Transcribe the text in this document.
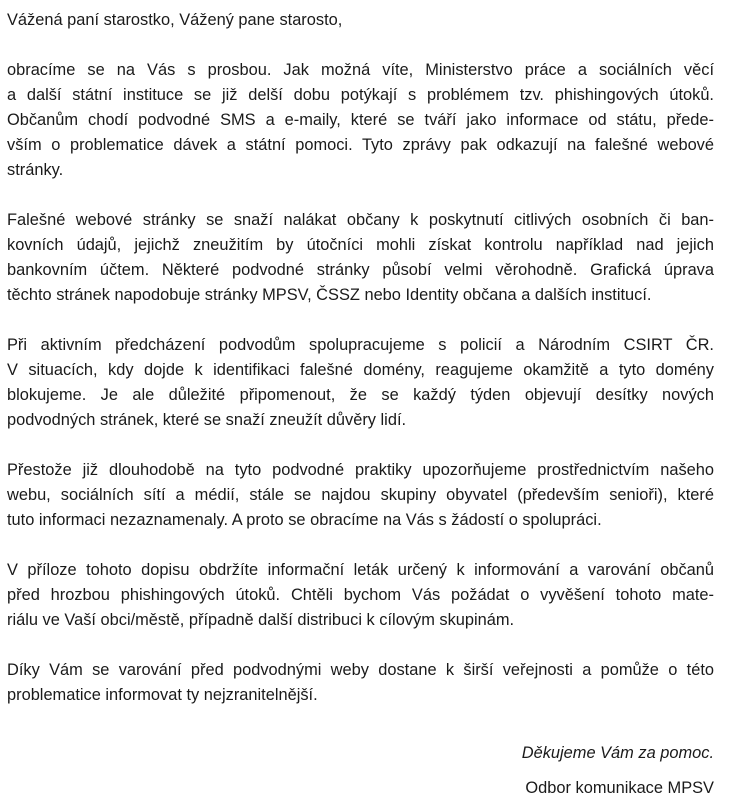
Vážená paní starostko, Vážený pane starosto,
obracíme se na Vás s prosbou. Jak možná víte, Ministerstvo práce a sociálních věcí
a další státní instituce se již delší dobu potýkají s problémem tzv. phishingových útoků.
Občanům chodí podvodné SMS a e-maily, které se tváří jako informace od státu, přede-
vším o problematice dávek a státní pomoci. Tyto zprávy pak odkazují na falešné webové
stránky.
Falešné webové stránky se snaží nalákat občany k poskytnutí citlivých osobních či ban-
kovních údajů, jejichž zneužitím by útočníci mohli získat kontrolu například nad jejich
bankovním účtem. Některé podvodné stránky působí velmi věrohodně. Grafická úprava
těchto stránek napodobuje stránky MPSV, ČSSZ nebo Identity občana a dalších institucí.
Při aktivním předcházení podvodům spolupracujeme s policií a Národním CSIRT ČR.
V situacích, kdy dojde k identifikaci falešné domény, reagujeme okamžitě a tyto domény
blokujeme. Je ale důležité připomenout, že se každý týden objevují desítky nových
podvodných stránek, které se snaží zneužít důvěry lidí.
Přestože již dlouhodobě na tyto podvodné praktiky upozorňujeme prostřednictvím našeho
webu, sociálních sítí a médií, stále se najdou skupiny obyvatel (především senioři), které
tuto informaci nezaznamenaly. A proto se obracíme na Vás s žádostí o spolupráci.
V příloze tohoto dopisu obdržíte informační leták určený k informování a varování občanů
před hrozbou phishingových útoků. Chtěli bychom Vás požádat o vyvěšení tohoto mate-
riálu ve Vaší obci/městě, případně další distribuci k cílovým skupinám.
Díky Vám se varování před podvodnými weby dostane k širší veřejnosti a pomůže o této
problematice informovat ty nejzranitelnější.
Děkujeme Vám za pomoc.
Odbor komunikace MPSV
